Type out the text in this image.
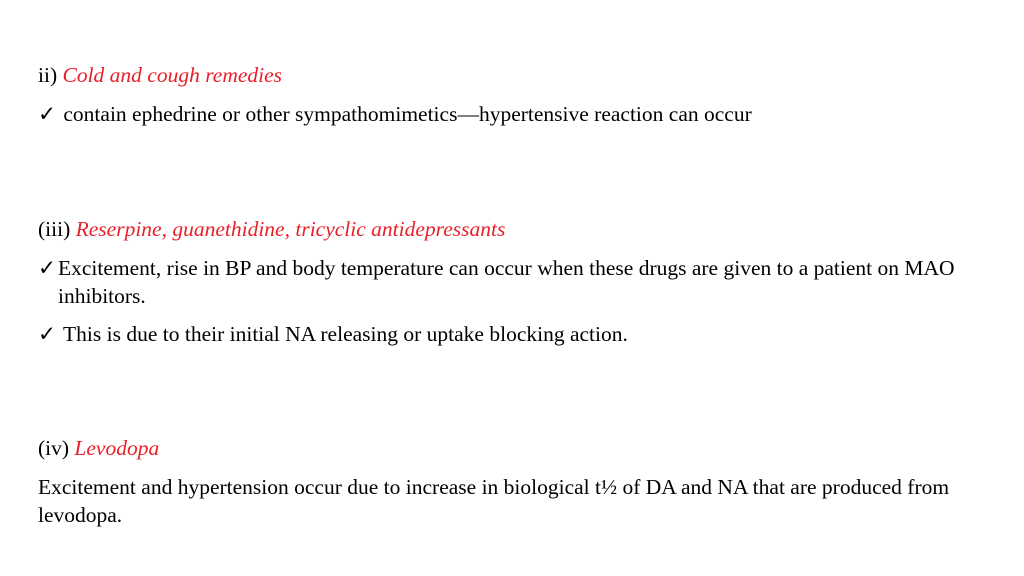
ii) Cold and cough remedies
✓ contain ephedrine or other sympathomimetics—hypertensive reaction can occur
(iii) Reserpine, guanethidine, tricyclic antidepressants
✓ Excitement, rise in BP and body temperature can occur when these drugs are given to a patient on MAO inhibitors.
✓ This is due to their initial NA releasing or uptake blocking action.
(iv) Levodopa
Excitement and hypertension occur due to increase in biological t½ of DA and NA that are produced from levodopa.
